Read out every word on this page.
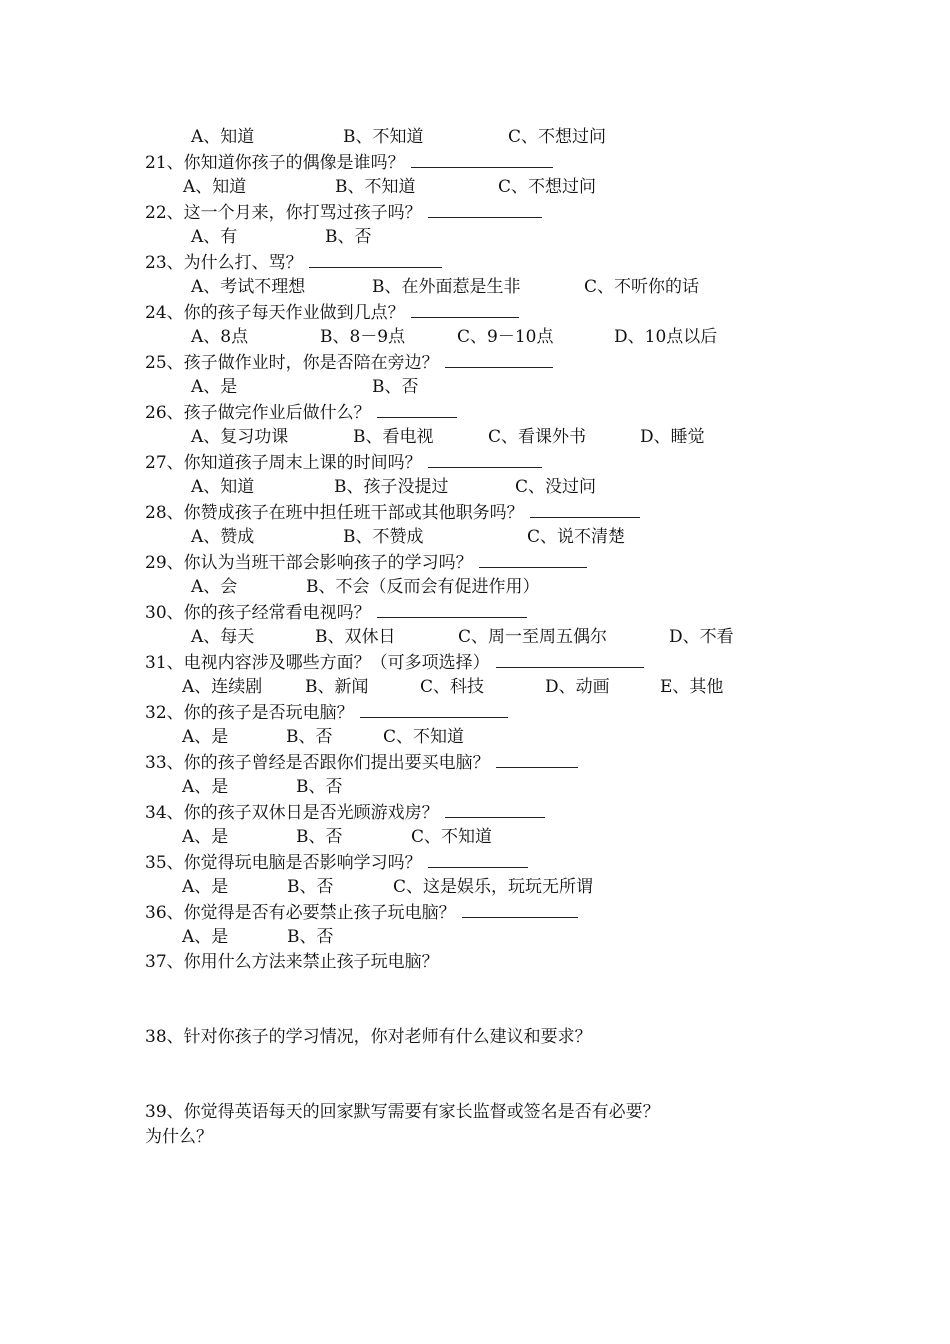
A、知道	B、不知道	C、不想过问
21、你知道你孩子的偶像是谁吗？
A、知道	B、不知道	C、不想过问
22、这一个月来，你打骂过孩子吗？
A、有	B、否
23、为什么打、骂？
A、考试不理想	B、在外面惹是生非	C、不听你的话
24、你的孩子每天作业做到几点？
A、8点	B、8－9点	C、9－10点	D、10点以后
25、孩子做作业时，你是否陪在旁边？
A、是	B、否
26、孩子做完作业后做什么？
A、复习功课	B、看电视	C、看课外书	D、睡觉
27、你知道孩子周末上课的时间吗？
A、知道	B、孩子没提过	C、没过问
28、你赞成孩子在班中担任班干部或其他职务吗？
A、赞成	B、不赞成	C、说不清楚
29、你认为当班干部会影响孩子的学习吗？
A、会	B、不会（反而会有促进作用）
30、你的孩子经常看电视吗？
A、每天	B、双休日	C、周一至周五偶尔	D、不看
31、电视内容涉及哪些方面？（可多项选择）
A、连续剧	B、新闻	C、科技	D、动画	E、其他
32、你的孩子是否玩电脑？
A、是	B、否	C、不知道
33、你的孩子曾经是否跟你们提出要买电脑？
A、是	B、否
34、你的孩子双休日是否光顾游戏房？
A、是	B、否	C、不知道
35、你觉得玩电脑是否影响学习吗？
A、是	B、否	C、这是娱乐，玩玩无所谓
36、你觉得是否有必要禁止孩子玩电脑？
A、是	B、否
37、你用什么方法来禁止孩子玩电脑？
38、针对你孩子的学习情况，你对老师有什么建议和要求？
39、你觉得英语每天的回家默写需要有家长监督或签名是否有必要？
为什么？
